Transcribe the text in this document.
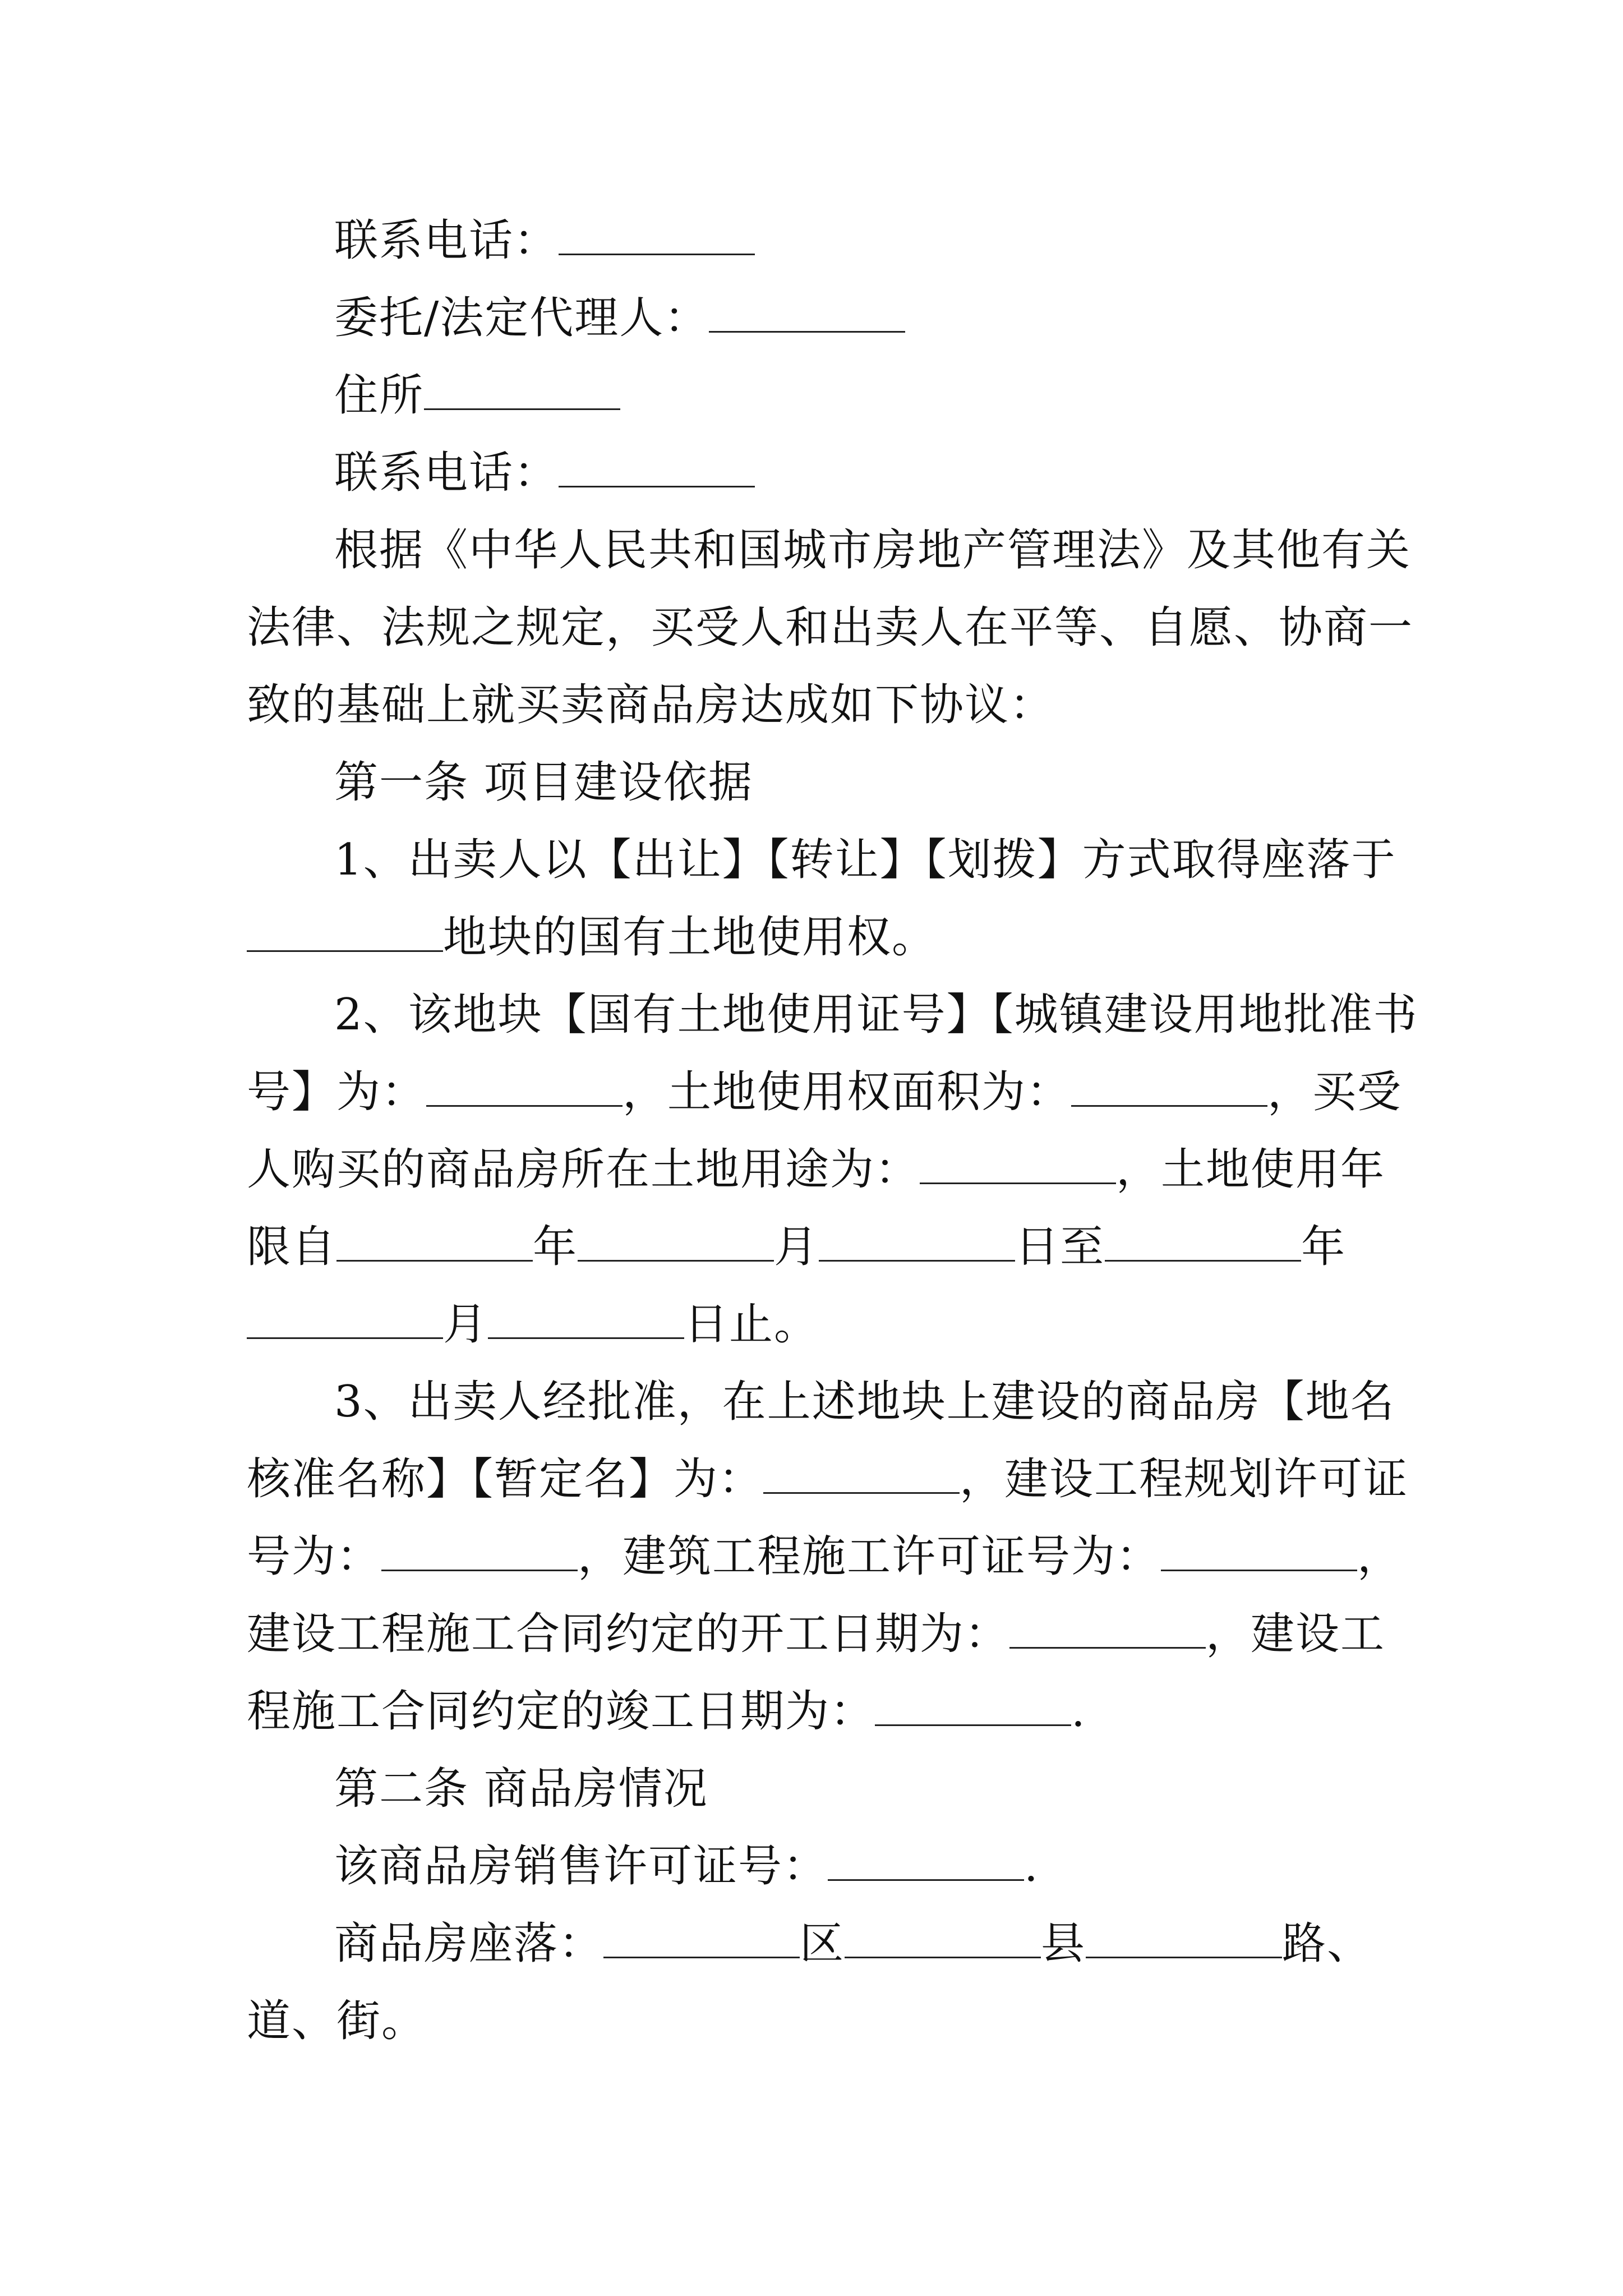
联系电话：
委托/法定代理人：
住所
联系电话：
根据《中华人民共和国城市房地产管理法》及其他有关
法律、法规之规定，买受人和出卖人在平等、自愿、协商一
致的基础上就买卖商品房达成如下协议：
第一条 项目建设依据
1、出卖人以【出让】【转让】【划拨】方式取得座落于
地块的国有土地使用权。
2、该地块【国有土地使用证号】【城镇建设用地批准书
号】为：	，土地使用权面积为：	，买受
人购买的商品房所在土地用途为：	，土地使用年
限自	年	月	日至	年
月	日止。
3、出卖人经批准，在上述地块上建设的商品房【地名
核准名称】【暂定名】为：	，建设工程规划许可证
号为：	，建筑工程施工许可证号为：	，
建设工程施工合同约定的开工日期为：	，建设工
程施工合同约定的竣工日期为：	.
第二条 商品房情况
该商品房销售许可证号：	.
商品房座落：	区	县	路、
道、街。
